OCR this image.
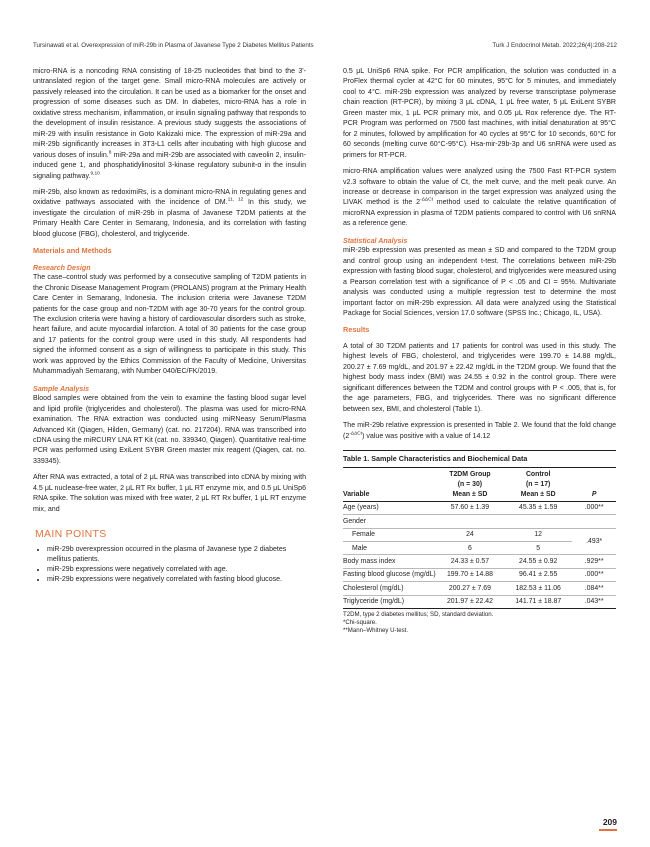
Tursinawati et al. Overexpression of miR-29b in Plasma of Javanese Type 2 Diabetes Mellitus Patients	Turk J Endocrinol Metab. 2022;26(4):208-212

micro-RNA is a noncoding RNA consisting of 18-25 nucleotides that bind to the 3'-untranslated region of the target gene. Small micro-RNA molecules are actively or passively released into the circulation. It can be used as a biomarker for the onset and progression of some diseases such as DM. In diabetes, micro-RNA has a role in oxidative stress mechanism, inflammation, or insulin signaling pathway that responds to the development of insulin resistance. A previous study suggests the associations of miR-29 with insulin resistance in Goto Kakizaki mice. The expression of miR-29a and miR-29b significantly increases in 3T3-L1 cells after incubating with high glucose and various doses of insulin.$^8$ miR-29a and miR-29b are associated with caveolin 2, insulin-induced gene 1, and phosphatidylinositol 3-kinase regulatory subunit-α in the insulin signaling pathway.$^{9,10}$

miR-29b, also known as redoximiRs, is a dominant micro-RNA in regulating genes and oxidative pathways associated with the incidence of DM.$^{11, 12}$ In this study, we investigate the circulation of miR-29b in plasma of Javanese T2DM patients at the Primary Health Care Center in Semarang, Indonesia, and its correlation with fasting blood glucose (FBG), cholesterol, and triglyceride.

Materials and Methods
Research Design

The case–control study was performed by a consecutive sampling of T2DM patients in the Chronic Disease Management Program (PROLANS) program at the Primary Health Care Center in Semarang, Indonesia. The inclusion criteria were Javanese T2DM patients for the case group and non-T2DM with age 30-70 years for the control group. The exclusion criteria were having a history of cardiovascular disorders such as stroke, heart failure, and acute myocardial infarction. A total of 30 patients for the case group and 17 patients for the control group were used in this study. All respondents had signed the informed consent as a sign of willingness to participate in this study. This work was approved by the Ethics Commission of the Faculty of Medicine, Universitas Muhammadiyah Semarang, with Number 040/EC/FK/2019.

Sample Analysis

Blood samples were obtained from the vein to examine the fasting blood sugar level and lipid profile (triglycerides and cholesterol). The plasma was used for micro-RNA examination. The RNA extraction was conducted using miRNeasy Serum/Plasma Advanced Kit (Qiagen, Hilden, Germany) (cat. no. 217204). RNA was transcribed into cDNA using the miRCURY LNA RT Kit (cat. no. 339340, Qiagen). Quantitative real-time PCR was performed using ExiLent SYBR Green master mix reagent (Qiagen, cat. no. 339345).

After RNA was extracted, a total of 2 μL RNA was transcribed into cDNA by mixing with 4.5 μL nuclease-free water, 2 μL RT Rx buffer, 1 μL RT enzyme mix, and 0.5 μL UniSp6 RNA spike. The solution was mixed with free water, 2 μL RT Rx buffer, 1 μL RT enzyme mix, and

MAIN POINTS
• miR-29b overexpression occurred in the plasma of Javanese type 2 diabetes mellitus patients.
• miR-29b expressions were negatively correlated with age.
• miR-29b expressions were negatively correlated with fasting blood glucose.

0.5 μL UniSp6 RNA spike. For PCR amplification, the solution was conducted in a ProFlex thermal cycler at 42°C for 60 minutes, 95°C for 5 minutes, and immediately cool to 4°C. miR-29b expression was analyzed by reverse transcriptase polymerase chain reaction (RT-PCR), by mixing 3 μL cDNA, 1 μL free water, 5 μL ExiLent SYBR Green master mix, 1 μL PCR primary mix, and 0.05 μL Rox reference dye. The RT-PCR Program was performed on 7500 fast machines, with initial denaturation at 95°C for 2 minutes, followed by amplification for 40 cycles at 95°C for 10 seconds, 60°C for 60 seconds (melting curve 60°C-95°C). Hsa-mir-29b-3p and U6 snRNA were used as primers for RT-PCR.

micro-RNA amplification values were analyzed using the 7500 Fast RT-PCR system v2.3 software to obtain the value of Ct, the melt curve, and the melt peak curve. An increase or decrease in comparison in the target expression was analyzed using the LIVAK method is the $2^{-\Delta\Delta Ct}$ method used to calculate the relative quantification of microRNA expression in plasma of T2DM patients compared to control with U6 snRNA as a reference gene.

Statistical Analysis

miR-29b expression was presented as mean ± SD and compared to the T2DM group and control group using an independent t-test. The correlations between miR-29b expression with fasting blood sugar, cholesterol, and triglycerides were measured using a Pearson correlation test with a significance of P < .05 and CI = 95%. Multivariate analysis was conducted using a multiple regression test to determine the most important factor on miR-29b expression. All data were analyzed using the Statistical Package for Social Sciences, version 17.0 software (SPSS Inc.; Chicago, IL, USA).

Results

A total of 30 T2DM patients and 17 patients for control was used in this study. The highest levels of FBG, cholesterol, and triglycerides were 199.70 ± 14.88 mg/dL, 200.27 ± 7.69 mg/dL, and 201.97 ± 22.42 mg/dL in the T2DM group. We found that the highest body mass index (BMI) was 24.55 ± 0.92 in the control group. There were significant differences between the T2DM and control groups with P < .005, that is, for the age parameters, FBG, and triglycerides. There was no significant difference between sex, BMI, and cholesterol (Table 1).

The miR-29b relative expression is presented in Table 2. We found that the fold change $(2^{-\Delta\Delta Ct})$ value was positive with a value of 14.12

Table 1. Sample Characteristics and Biochemical Data
	T2DM Group	Control	
	(n = 30)	(n = 17)	
Variable	Mean ± SD	Mean ± SD	P
Age (years)	57.60 ± 1.39	45.35 ± 1.59	.000**
Gender			
Female	24	12	.493*
Male	6	5	
Body mass index	24.33 ± 0.57	24.55 ± 0.92	.929**
Fasting blood glucose (mg/dL)	199.70 ± 14.88	96.41 ± 2.55	.000**
Cholesterol (mg/dL)	200.27 ± 7.69	182.53 ± 11.06	.084**
Triglyceride (mg/dL)	201.97 ± 22.42	141.71 ± 18.87	.043**
T2DM, type 2 diabetes mellitus; SD, standard deviation.
*Chi-square.
**Mann–Whitney U-test.
209
